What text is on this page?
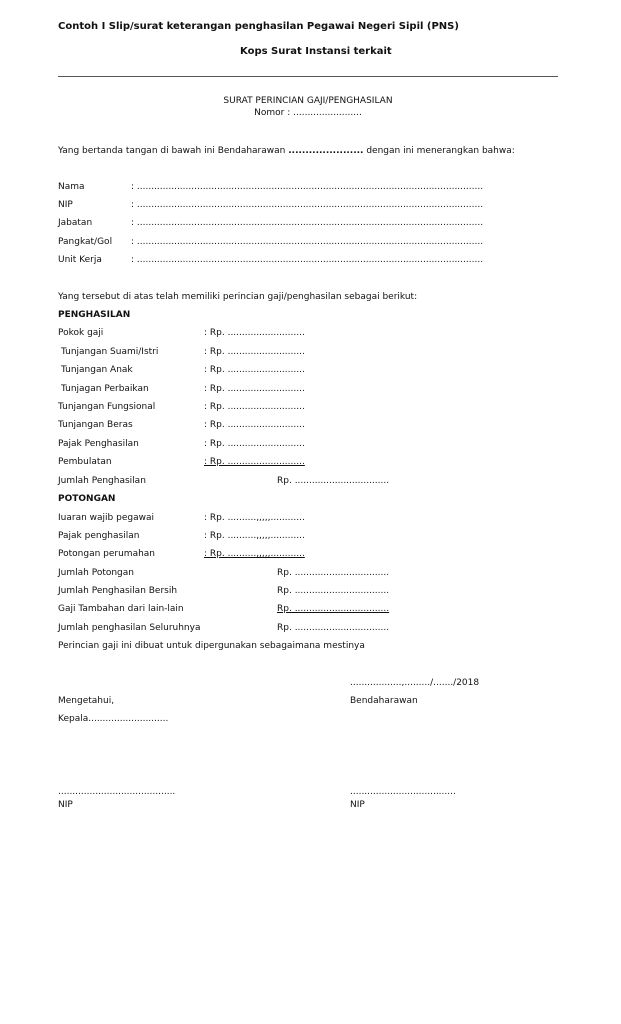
Contoh I Slip/surat keterangan penghasilan Pegawai Negeri Sipil (PNS)
Kops Surat Instansi terkait
SURAT PERINCIAN GAJI/PENGHASILAN
Nomor : ........................
Yang bertanda tangan di bawah ini Bendaharawan ...................... dengan ini menerangkan bahwa:
Nama	: .........................................................................................................................
NIP	: .........................................................................................................................
Jabatan	: .........................................................................................................................
Pangkat/Gol : .........................................................................................................................
Unit Kerja	: .........................................................................................................................
Yang tersebut di atas telah memiliki perincian gaji/penghasilan sebagai berikut:
PENGHASILAN
Pokok gaji	: Rp. ...........................
Tunjangan Suami/Istri	: Rp. ...........................
Tunjangan Anak	: Rp. ...........................
Tunjagan Perbaikan	: Rp. ...........................
Tunjangan Fungsional	: Rp. ...........................
Tunjangan Beras	: Rp. ...........................
Pajak Penghasilan	: Rp. ...........................
Pembulatan	: Rp. ...........................
Jumlah Penghasilan	Rp. .................................
POTONGAN
Iuaran wajib pegawai	: Rp. ..........,,,,,............
Pajak penghasilan	: Rp. ..........,,,,,............
Potongan perumahan	: Rp. ..........,,,,,............
Jumlah Potongan	Rp. .................................
Jumlah Penghasilan Bersih	Rp. .................................
Gaji Tambahan dari lain-lain	Rp. .................................
Jumlah penghasilan Seluruhnya	Rp. .................................
Perincian gaji ini dibuat untuk dipergunakan sebagaimana mestinya
..................,........./......./2018
Mengetahui,	Bendaharawan
Kepala............................
.........................................	.....................................
NIP	NIP
